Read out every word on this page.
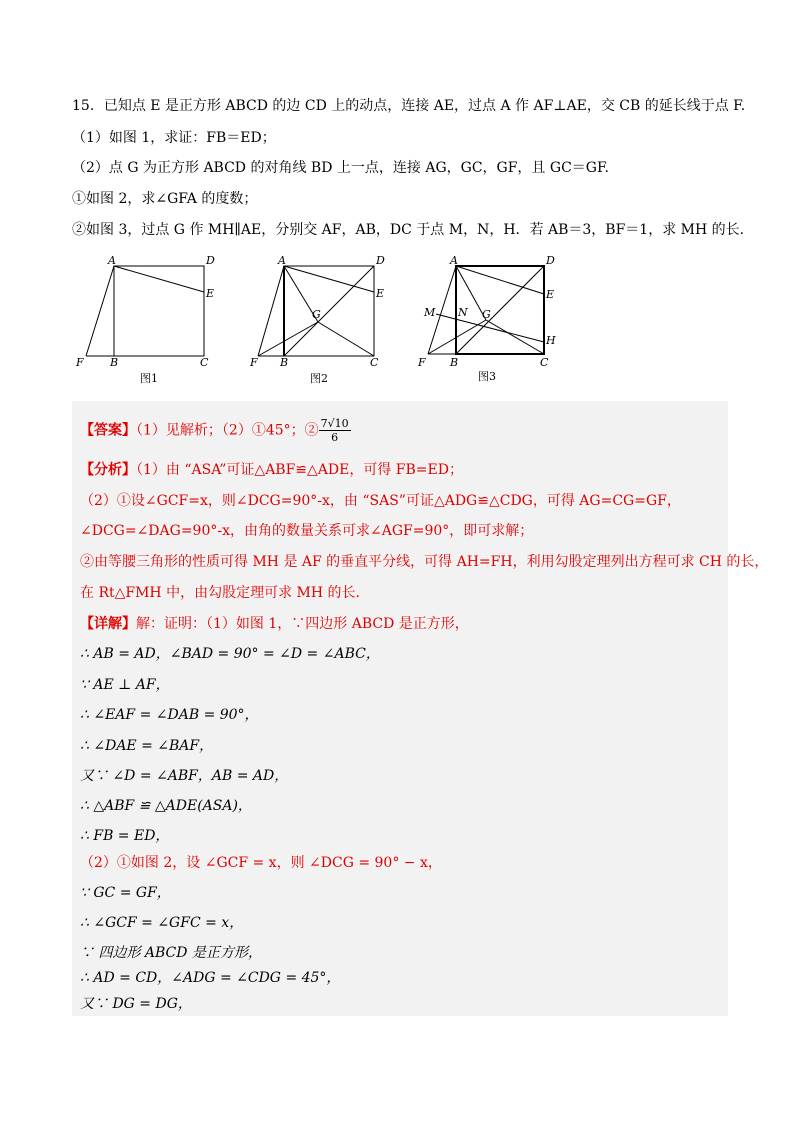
15．已知点 E 是正方形 ABCD 的边 CD 上的动点，连接 AE，过点 A 作 AF⊥AE，交 CB 的延长线于点 F.
（1）如图 1，求证：FB＝ED；
（2）点 G 为正方形 ABCD 的对角线 BD 上一点，连接 AG，GC，GF，且 GC＝GF.
①如图 2，求∠GFA 的度数；
②如图 3，过点 G 作 MH∥AE，分别交 AF，AB，DC 于点 M，N，H．若 AB＝3，BF＝1，求 MH 的长.
A	D
E
F B	C
图1
A	D
E
G
F B	C
图2
A	D
E
M N G
H
F B	C
图3
【答案】（1）见解析；（2）①45°；② $\frac{7√10}{6}$
【分析】（1）由 “ASA”可证△ABF≌△ADE，可得 FB=ED；
（2）①设∠GCF=x，则∠DCG=90°-x，由 “SAS”可证△ADG≌△CDG，可得 AG=CG=GF，
∠DCG=∠DAG=90°-x，由角的数量关系可求∠AGF=90°，即可求解；
②由等腰三角形的性质可得 MH 是 AF 的垂直平分线，可得 AH=FH，利用勾股定理列出方程可求 CH 的长，
在 Rt△FMH 中，由勾股定理可求 MH 的长.
【详解】解：证明：（1）如图 1，∵四边形 ABCD 是正方形，
∴ AB = AD，∠BAD = 90° = ∠D = ∠ABC，
∵ AE ⊥ AF，
∴ ∠EAF = ∠DAB = 90°，
∴ ∠DAE = ∠BAF，
又∵ ∠D = ∠ABF，AB = AD，
∴ △ABF ≌ △ADE(ASA)，
∴ FB = ED，
（2）①如图 2，设 ∠GCF = x，则 ∠DCG = 90° − x，
∵ GC = GF，
∴ ∠GCF = ∠GFC = x，
∵ 四边形 ABCD 是正方形，
∴ AD = CD，∠ADG = ∠CDG = 45°，
又∵ DG = DG，
